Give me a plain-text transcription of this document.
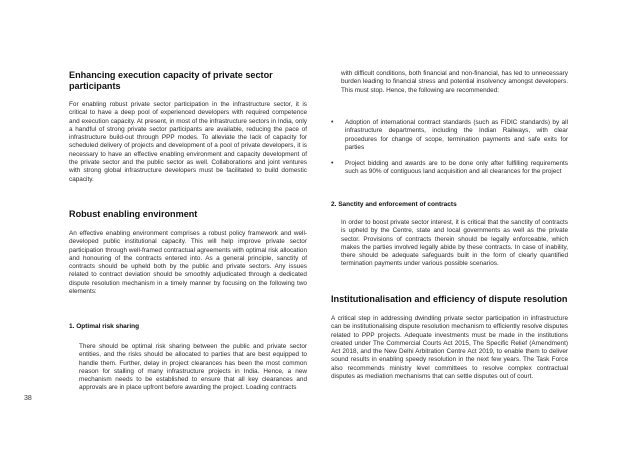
Enhancing execution capacity of private sector participants

For enabling robust private sector participation in the infrastructure sector, it is critical to have a deep pool of experienced developers with required competence and execution capacity. At present, in most of the infrastructure sectors in India, only a handful of strong private sector participants are available, reducing the pace of infrastructure build-out through PPP modes. To alleviate the lack of capacity for scheduled delivery of projects and development of a pool of private developers, it is necessary to have an effective enabling environment and capacity development of the private sector and the public sector as well. Collaborations and joint ventures with strong global infrastructure developers must be facilitated to build domestic capacity.

Robust enabling environment

An effective enabling environment comprises a robust policy framework and well-developed public institutional capacity. This will help improve private sector participation through well-framed contractual agreements with optimal risk allocation and honouring of the contracts entered into. As a general principle, sanctity of contracts should be upheld both by the public and private sectors. Any issues related to contract deviation should be smoothly adjudicated through a dedicated dispute resolution mechanism in a timely manner by focusing on the following two elements:

1. Optimal risk sharing

There should be optimal risk sharing between the public and private sector entities, and the risks should be allocated to parties that are best equipped to handle them. Further, delay in project clearances has been the most common reason for stalling of many infrastructure projects in India. Hence, a new mechanism needs to be established to ensure that all key clearances and approvals are in place upfront before awarding the project. Loading contracts

with difficult conditions, both financial and non-financial, has led to unnecessary burden leading to financial stress and potential insolvency amongst developers. This must stop. Hence, the following are recommended:

• Adoption of international contract standards (such as FIDIC standards) by all infrastructure departments, including the Indian Railways, with clear procedures for change of scope, termination payments and safe exits for parties

• Project bidding and awards are to be done only after fulfilling requirements such as 90% of contiguous land acquisition and all clearances for the project

2. Sanctity and enforcement of contracts

In order to boost private sector interest, it is critical that the sanctity of contracts is upheld by the Centre, state and local governments as well as the private sector. Provisions of contracts therein should be legally enforceable, which makes the parties involved legally abide by these contracts. In case of inability, there should be adequate safeguards built in the form of clearly quantified termination payments under various possible scenarios.

Institutionalisation and efficiency of dispute resolution

A critical step in addressing dwindling private sector participation in infrastructure can be institutionalising dispute resolution mechanism to efficiently resolve disputes related to PPP projects. Adequate investments must be made in the institutions created under The Commercial Courts Act 2015, The Specific Relief (Amendment) Act 2018, and the New Delhi Arbitration Centre Act 2019, to enable them to deliver sound results in enabling speedy resolution in the next few years. The Task Force also recommends ministry level committees to resolve complex contractual disputes as mediation mechanisms that can settle disputes out of court.

38
